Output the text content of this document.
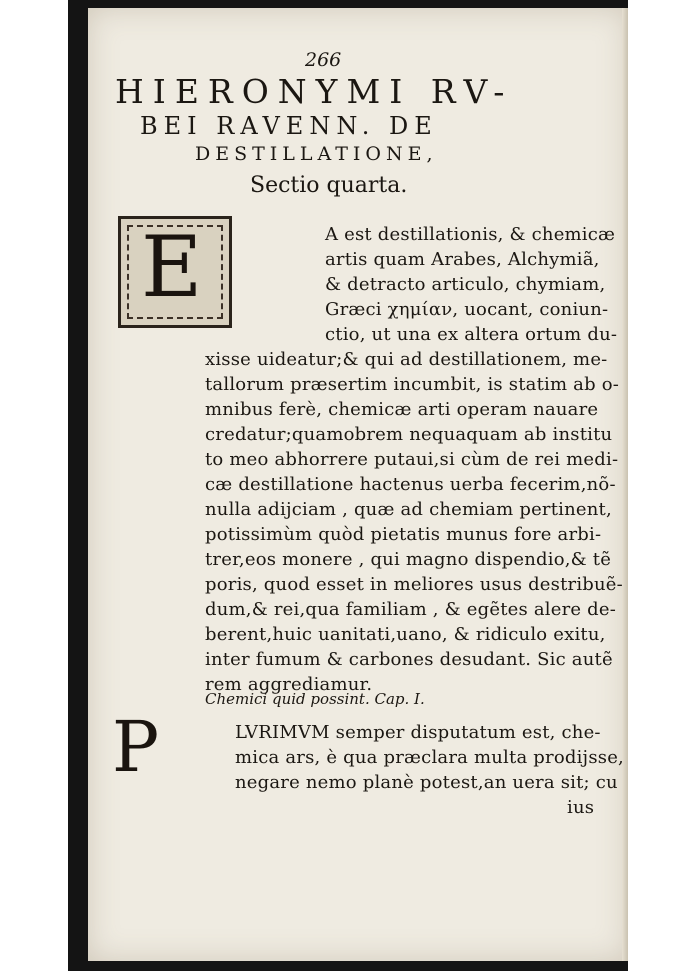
266
HIERONYMI RV-
BEI RAVENN. DE
DESTILLATIONE,
Sectio quarta.
E	A est destillationis, & chemicæ
artis quam Arabes, Alchymiã,
& detracto articulo, chymiam,
Græci χημίαν, uocant, coniun-
ctio, ut una ex altera ortum du-
xisse uideatur;& qui ad destillationem, me-
tallorum præsertim incumbit, is statim ab o-
mnibus ferè, chemicæ arti operam nauare
credatur;quamobrem nequaquam ab institu
to meo abhorrere putaui,si cùm de rei medi-
cæ destillatione hactenus uerba fecerim,nõ-
nulla adijciam , quæ ad chemiam pertinent,
potissimùm quòd pietatis munus fore arbi-
trer,eos monere , qui magno dispendio,& tẽ
poris, quod esset in meliores usus destribuẽ-
dum,& rei,qua familiam , & egẽtes alere de-
berent,huic uanitati,uano, & ridiculo exitu,
inter fumum & carbones desudant. Sic autẽ
rem aggrediamur.
Chemici quid possint. Cap. I.
P	LVRIMVM semper disputatum est, che-
mica ars, è qua præclara multa prodijsse,
negare nemo planè potest,an uera sit; cu
ius
